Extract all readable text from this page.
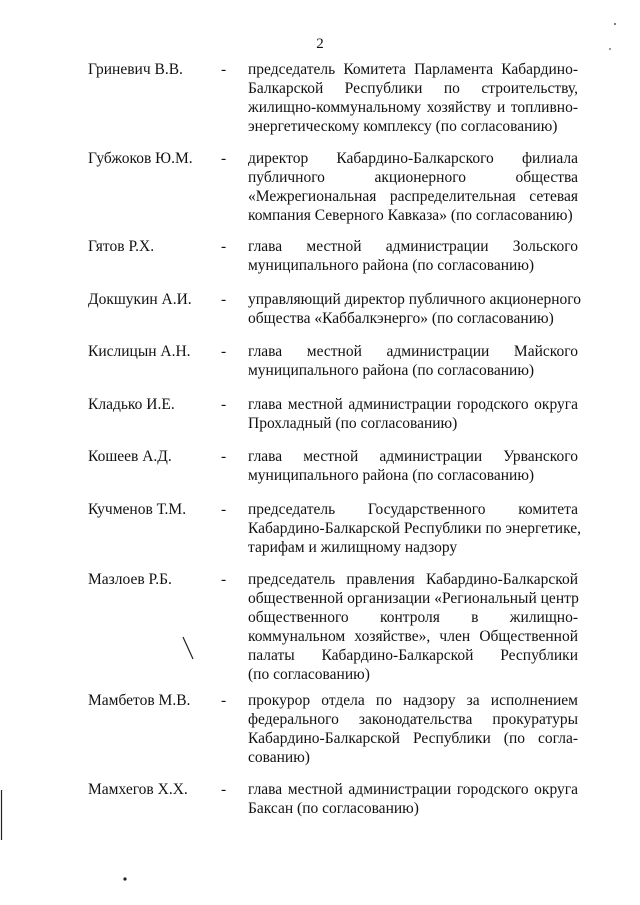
2
Гриневич В.В. - председатель Комитета Парламента Кабардино-
Балкарской Республики по строительству,
жилищно-коммунальному хозяйству и топливно-
энергетическому комплексу (по согласованию)
Губжоков Ю.М. - директор Кабардино-Балкарского филиала
публичного акционерного общества
«Межрегиональная распределительная сетевая
компания Северного Кавказа» (по согласованию)
Гятов Р.Х.	- глава местной администрации Зольского
муниципального района (по согласованию)
Докшукин А.И. - управляющий директор публичного акционерного
общества «Каббалкэнерго» (по согласованию)
Кислицын А.Н. - глава местной администрации Майского
муниципального района (по согласованию)
Кладько И.Е.	- глава местной администрации городского округа
Прохладный (по согласованию)
Кошеев А.Д.	- глава местной администрации Урванского
муниципального района (по согласованию)
Кучменов Т.М. - председатель Государственного комитета
Кабардино-Балкарской Республики по энергетике,
тарифам и жилищному надзору
Мазлоев Р.Б.	- председатель правления Кабардино-Балкарской
общественной организации «Региональный центр
общественного контроля в жилищно-
коммунальном хозяйстве», член Общественной
палаты Кабардино-Балкарской Республики
(по согласованию)
Мамбетов М.В. - прокурор отдела по надзору за исполнением
федерального законодательства прокуратуры
Кабардино-Балкарской Республики (по согла-
сованию)
Мамхегов Х.Х. - глава местной администрации городского округа
Баксан (по согласованию)
